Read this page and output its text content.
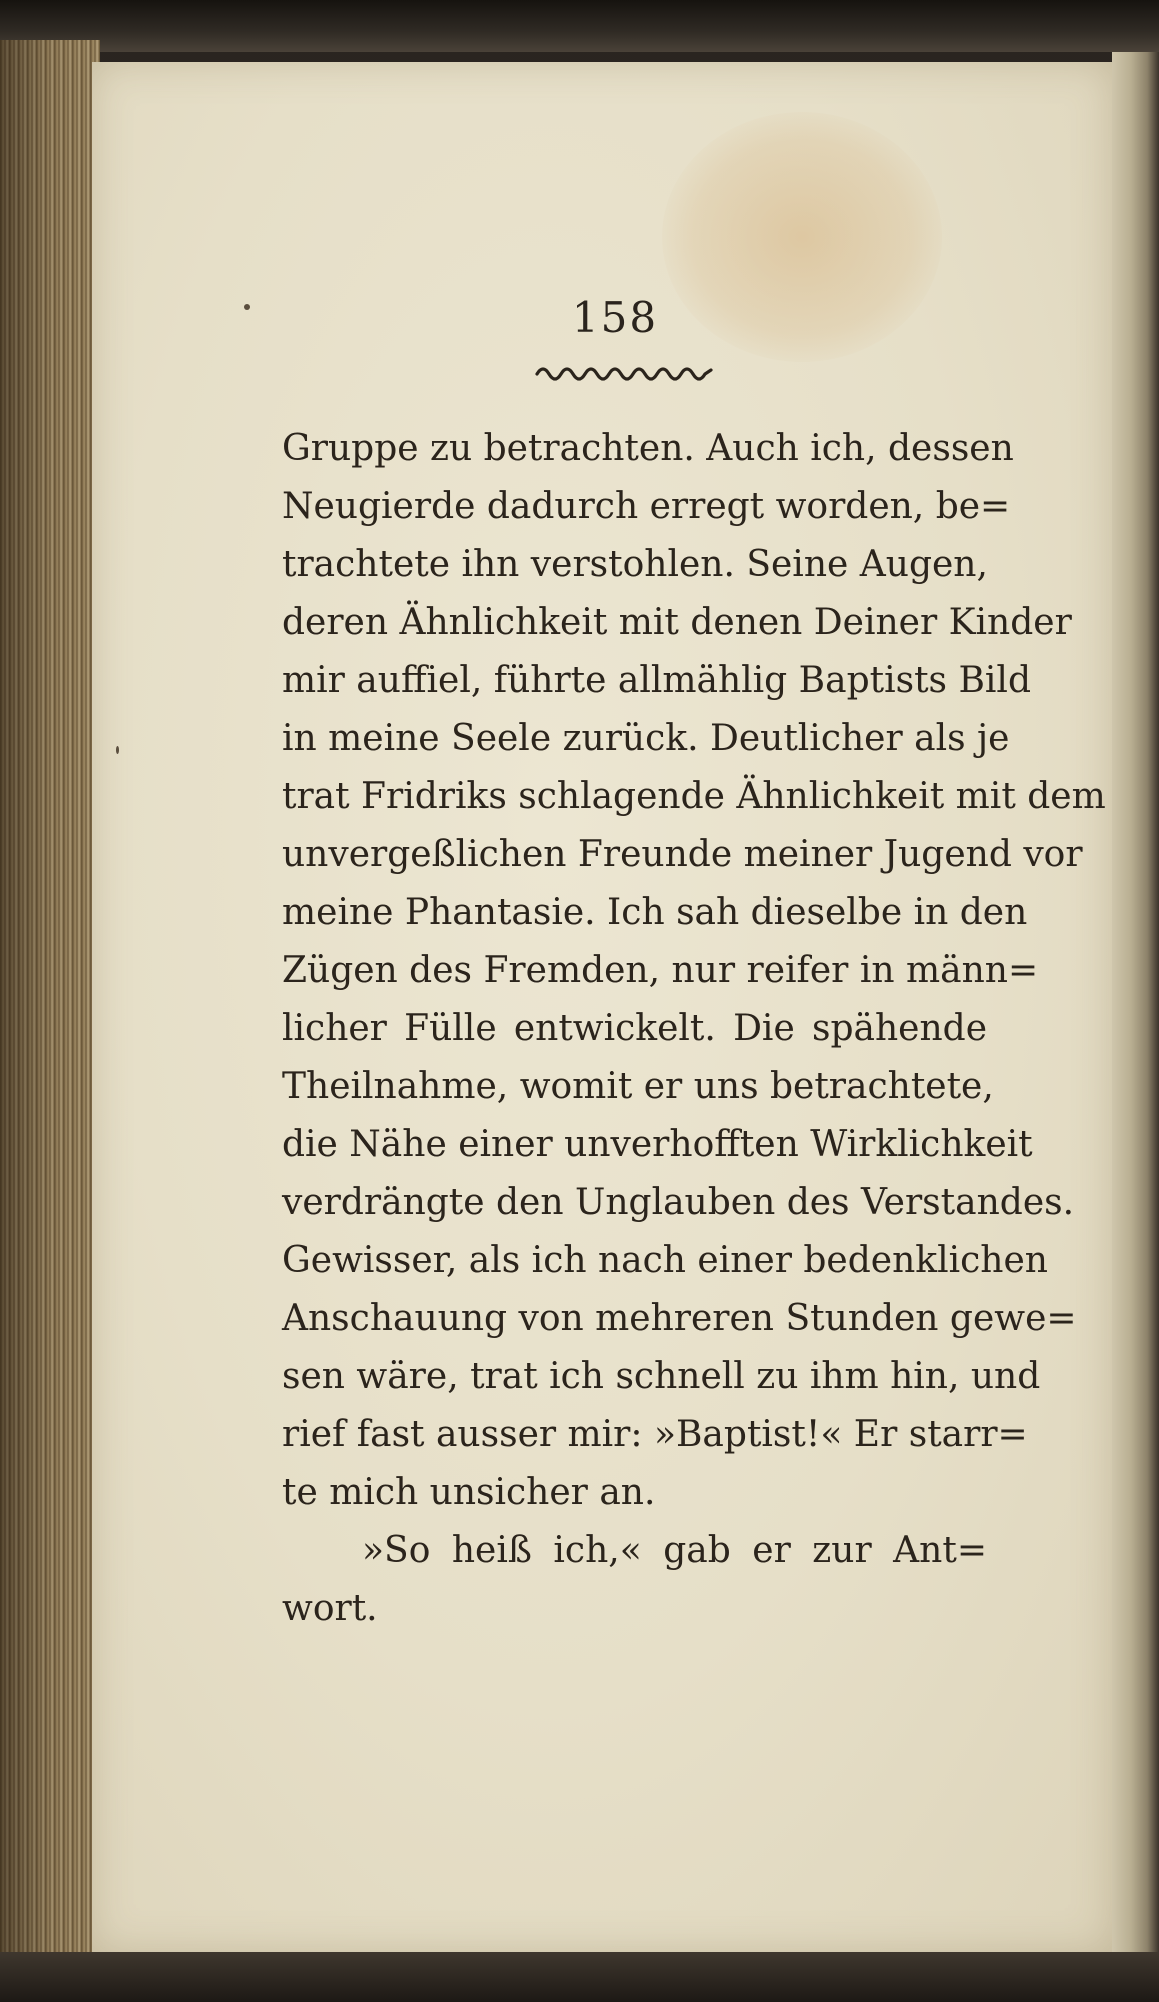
158
Gruppe zu betrachten. Auch ich, dessen
Neugierde dadurch erregt worden, be=
trachtete ihn verstohlen. Seine Augen,
deren Ähnlichkeit mit denen Deiner Kinder
mir auffiel, führte allmählig Baptists Bild
in meine Seele zurück. Deutlicher als je
trat Fridriks schlagende Ähnlichkeit mit dem
unvergeßlichen Freunde meiner Jugend vor
meine Phantasie. Ich sah dieselbe in den
Zügen des Fremden, nur reifer in männ=
licher Fülle entwickelt. Die spähende
Theilnahme, womit er uns betrachtete,
die Nähe einer unverhofften Wirklichkeit
verdrängte den Unglauben des Verstandes.
Gewisser, als ich nach einer bedenklichen
Anschauung von mehreren Stunden gewe=
sen wäre, trat ich schnell zu ihm hin, und
rief fast ausser mir: »Baptist!« Er starr=
te mich unsicher an.
»So heiß ich,« gab er zur Ant=
wort.
